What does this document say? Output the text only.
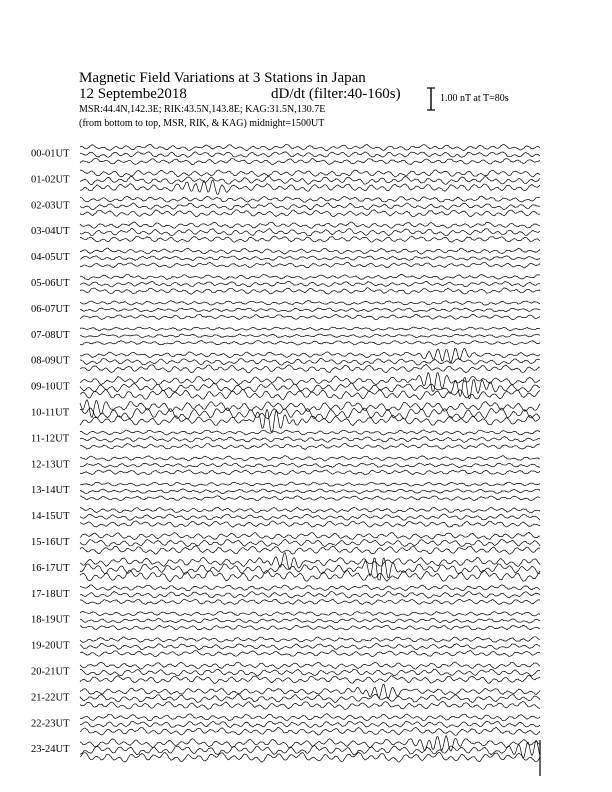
Magnetic Field Variations at 3 Stations in Japan
12 Septembe2018	dD/dt (filter:40-160s)
MSR:44.4N,142.3E; RIK:43.5N,143.8E; KAG:31.5N,130.7E
(from bottom to top, MSR, RIK, & KAG) midnight=1500UT
1.00 nT at T=80s
00-01UT
01-02UT
02-03UT
03-04UT
04-05UT
05-06UT
06-07UT
07-08UT
08-09UT
09-10UT
10-11UT
11-12UT
12-13UT
13-14UT
14-15UT
15-16UT
16-17UT
17-18UT
18-19UT
19-20UT
20-21UT
21-22UT
22-23UT
23-24UT
